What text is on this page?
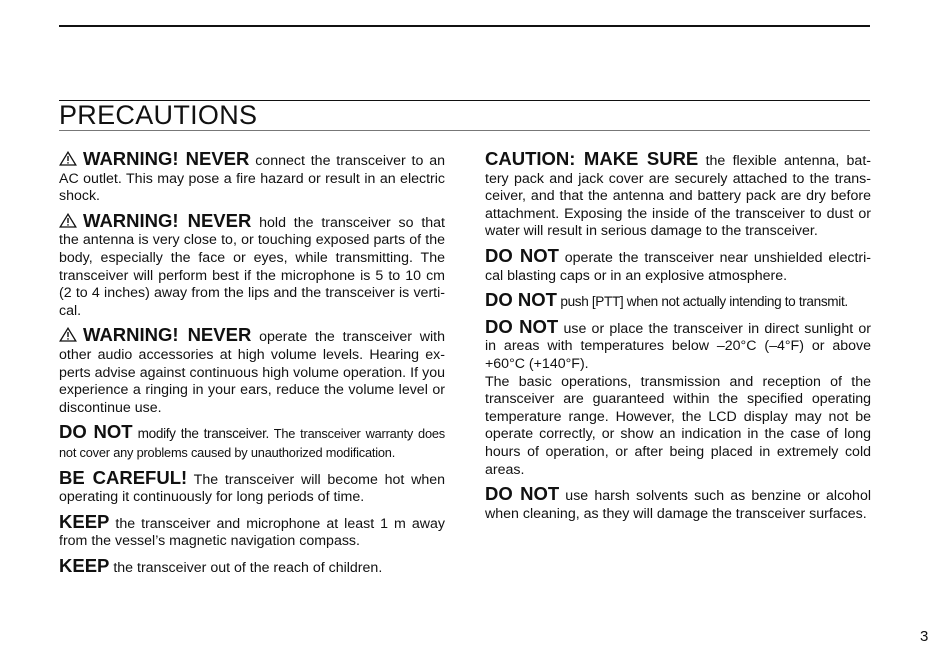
PRECAUTIONS

WARNING! NEVER connect the transceiver to an AC outlet. This may pose a fire hazard or result in an electric shock.

WARNING! NEVER hold the transceiver so that the antenna is very close to, or touching exposed parts of the body, especially the face or eyes, while transmitting. The transceiver will perform best if the microphone is 5 to 10 cm (2 to 4 inches) away from the lips and the transceiver is verti-cal.

WARNING! NEVER operate the transceiver with other audio accessories at high volume levels. Hearing ex-perts advise against continuous high volume operation. If you experience a ringing in your ears, reduce the volume level or discontinue use.

DO NOT modify the transceiver. The transceiver warranty does not cover any problems caused by unauthorized modification.

BE CAREFUL! The transceiver will become hot when operating it continuously for long periods of time.

KEEP the transceiver and microphone at least 1 m away from the vessel’s magnetic navigation compass.

KEEP the transceiver out of the reach of children.

CAUTION: MAKE SURE the flexible antenna, bat-tery pack and jack cover are securely attached to the trans-ceiver, and that the antenna and battery pack are dry before attachment. Exposing the inside of the transceiver to dust or water will result in serious damage to the transceiver.

DO NOT operate the transceiver near unshielded electri-cal blasting caps or in an explosive atmosphere.

DO NOT push [PTT] when not actually intending to transmit.

DO NOT use or place the transceiver in direct sunlight or in areas with temperatures below –20°C (–4°F) or above +60°C (+140°F).
The basic operations, transmission and reception of the transceiver are guaranteed within the specified operating temperature range. However, the LCD display may not be operate correctly, or show an indication in the case of long hours of operation, or after being placed in extremely cold areas.

DO NOT use harsh solvents such as benzine or alcohol when cleaning, as they will damage the transceiver surfaces.

3
